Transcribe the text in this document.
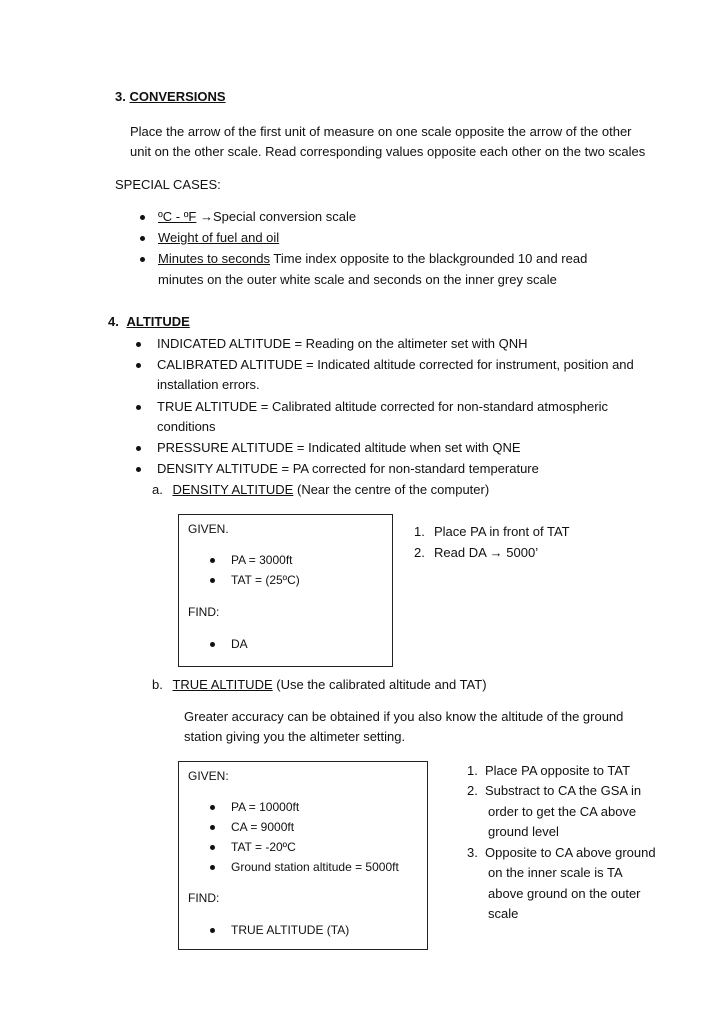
3. CONVERSIONS
Place the arrow of the first unit of measure on one scale opposite the arrow of the other
unit on the other scale. Read corresponding values opposite each other on the two scales
SPECIAL CASES:
ºC - ºF →Special conversion scale
Weight of fuel and oil
Minutes to seconds Time index opposite to the blackgrounded 10 and read
minutes on the outer white scale and seconds on the inner grey scale
4. ALTITUDE
INDICATED ALTITUDE = Reading on the altimeter set with QNH
CALIBRATED ALTITUDE = Indicated altitude corrected for instrument, position and
installation errors.
TRUE ALTITUDE = Calibrated altitude corrected for non-standard atmospheric
conditions
PRESSURE ALTITUDE = Indicated altitude when set with QNE
DENSITY ALTITUDE = PA corrected for non-standard temperature
a. DENSITY ALTITUDE (Near the centre of the computer)
GIVEN.
PA = 3000ft
TAT = (25ºC)
FIND:
DA
1. Place PA in front of TAT
2. Read DA → 5000’
b. TRUE ALTITUDE (Use the calibrated altitude and TAT)
Greater accuracy can be obtained if you also know the altitude of the ground
station giving you the altimeter setting.
GIVEN:
PA = 10000ft
CA = 9000ft
TAT = -20ºC
Ground station altitude = 5000ft
FIND:
TRUE ALTITUDE (TA)
1. Place PA opposite to TAT
2. Substract to CA the GSA in
order to get the CA above
ground level
3. Opposite to CA above ground
on the inner scale is TA
above ground on the outer
scale
